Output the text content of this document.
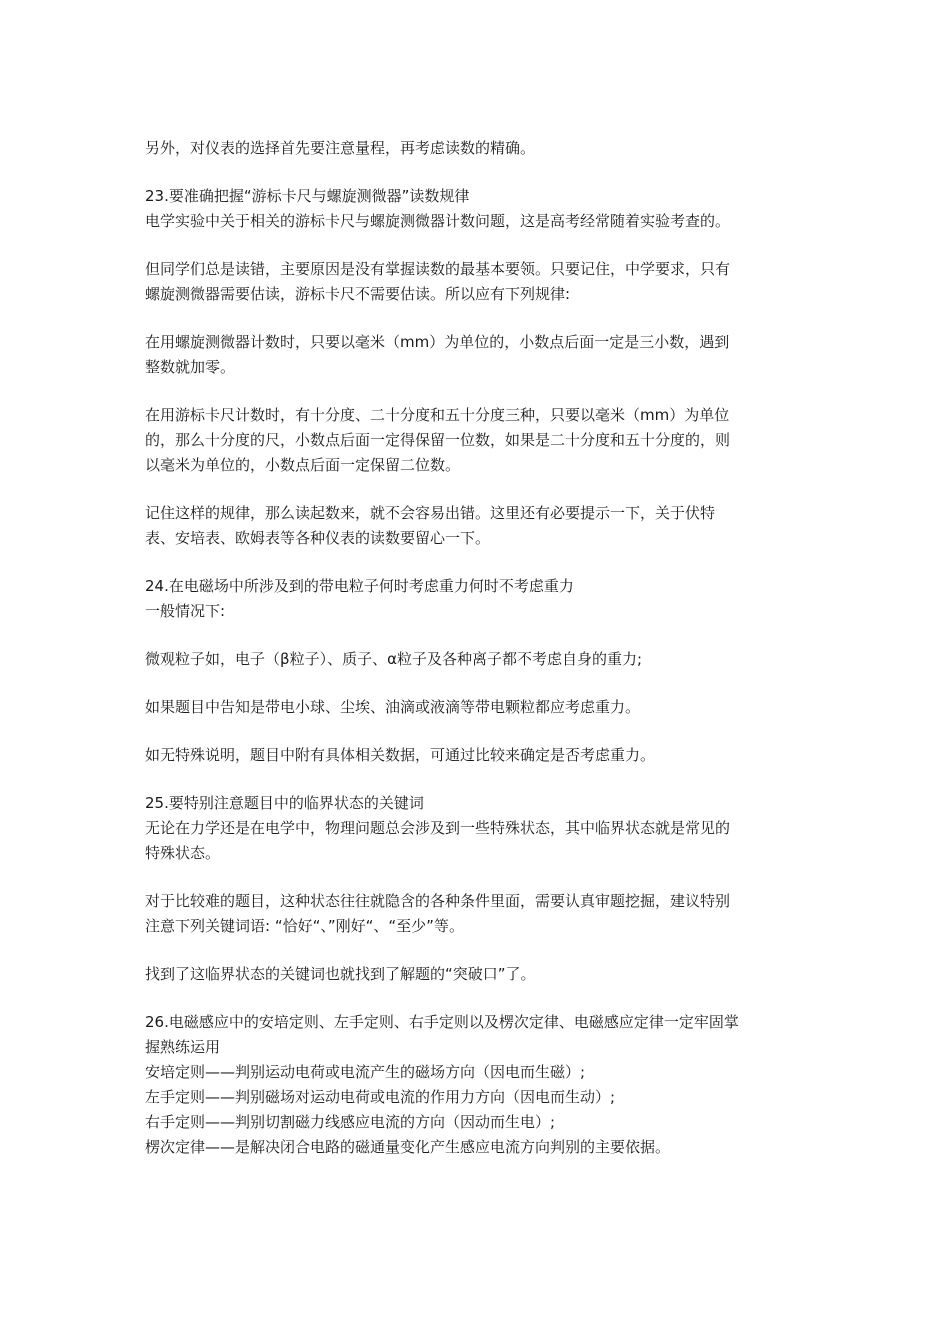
另外，对仪表的选择首先要注意量程，再考虑读数的精确。
23.要准确把握“游标卡尺与螺旋测微器”读数规律
电学实验中关于相关的游标卡尺与螺旋测微器计数问题，这是高考经常随着实验考查的。
但同学们总是读错，主要原因是没有掌握读数的最基本要领。只要记住，中学要求，只有
螺旋测微器需要估读，游标卡尺不需要估读。所以应有下列规律:
在用螺旋测微器计数时，只要以毫米（mm）为单位的，小数点后面一定是三小数，遇到
整数就加零。
在用游标卡尺计数时，有十分度、二十分度和五十分度三种，只要以毫米（mm）为单位
的，那么十分度的尺，小数点后面一定得保留一位数，如果是二十分度和五十分度的，则
以毫米为单位的，小数点后面一定保留二位数。
记住这样的规律，那么读起数来，就不会容易出错。这里还有必要提示一下，关于伏特
表、安培表、欧姆表等各种仪表的读数要留心一下。
24.在电磁场中所涉及到的带电粒子何时考虑重力何时不考虑重力
一般情况下:
微观粒子如，电子（β粒子）、质子、α粒子及各种离子都不考虑自身的重力;
如果题目中告知是带电小球、尘埃、油滴或液滴等带电颗粒都应考虑重力。
如无特殊说明，题目中附有具体相关数据，可通过比较来确定是否考虑重力。
25.要特别注意题目中的临界状态的关键词
无论在力学还是在电学中，物理问题总会涉及到一些特殊状态，其中临界状态就是常见的
特殊状态。
对于比较难的题目，这种状态往往就隐含的各种条件里面，需要认真审题挖掘，建议特别
注意下列关键词语: “恰好“、”刚好“、“至少”等。
找到了这临界状态的关键词也就找到了解题的“突破口”了。
26.电磁感应中的安培定则、左手定则、右手定则以及楞次定律、电磁感应定律一定牢固掌
握熟练运用
安培定则——判别运动电荷或电流产生的磁场方向（因电而生磁）;
左手定则——判别磁场对运动电荷或电流的作用力方向（因电而生动）;
右手定则——判别切割磁力线感应电流的方向（因动而生电）;
楞次定律——是解决闭合电路的磁通量变化产生感应电流方向判别的主要依据。
